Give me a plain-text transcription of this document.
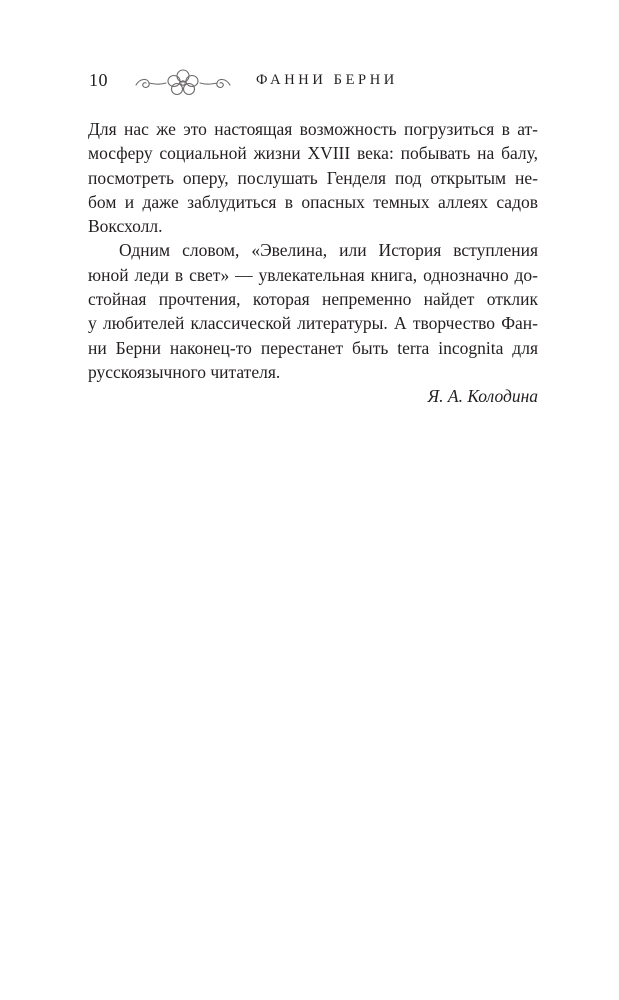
10	ФАННИ БЕРНИ

Для нас же это настоящая возможность погрузиться в ат-
мосферу социальной жизни XVIII века: побывать на балу,
посмотреть оперу, послушать Генделя под открытым не-
бом и даже заблудиться в опасных темных аллеях садов
Воксхолл.

Одним словом, «Эвелина, или История вступления
юной леди в свет» — увлекательная книга, однозначно до-
стойная прочтения, которая непременно найдет отклик
у любителей классической литературы. А творчество Фан-
ни Берни наконец-то перестанет быть terra incognita для
русскоязычного читателя.

Я. А. Колодина
